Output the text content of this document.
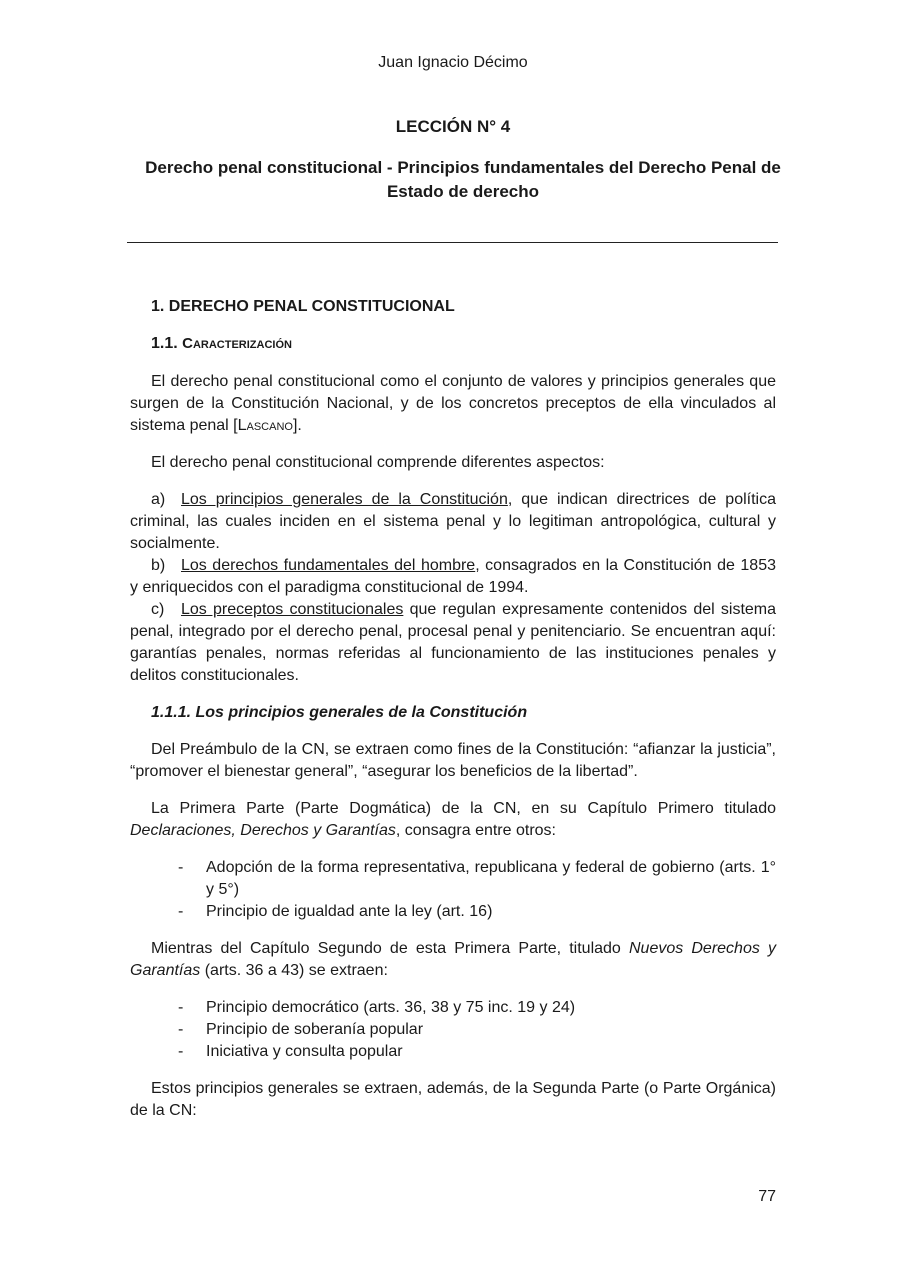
Juan Ignacio Décimo
LECCIÓN N° 4
Derecho penal constitucional - Principios fundamentales del Derecho Penal de Estado de derecho
1. DERECHO PENAL CONSTITUCIONAL
1.1. Caracterización

El derecho penal constitucional como el conjunto de valores y principios generales que surgen de la Constitución Nacional, y de los concretos preceptos de ella vinculados al sistema penal [Lascano].

El derecho penal constitucional comprende diferentes aspectos:

a) Los principios generales de la Constitución, que indican directrices de política criminal, las cuales inciden en el sistema penal y lo legitiman antropológica, cultural y socialmente.
b) Los derechos fundamentales del hombre, consagrados en la Constitución de 1853 y enriquecidos con el paradigma constitucional de 1994.
c) Los preceptos constitucionales que regulan expresamente contenidos del sistema penal, integrado por el derecho penal, procesal penal y penitenciario. Se encuentran aquí: garantías penales, normas referidas al funcionamiento de las instituciones penales y delitos constitucionales.
1.1.1. Los principios generales de la Constitución

Del Preámbulo de la CN, se extraen como fines de la Constitución: “afianzar la justicia”, “promover el bienestar general”, “asegurar los beneficios de la libertad”.

La Primera Parte (Parte Dogmática) de la CN, en su Capítulo Primero titulado Declaraciones, Derechos y Garantías, consagra entre otros:

- Adopción de la forma representativa, republicana y federal de gobierno (arts. 1° y 5°)
- Principio de igualdad ante la ley (art. 16)

Mientras del Capítulo Segundo de esta Primera Parte, titulado Nuevos Derechos y Garantías (arts. 36 a 43) se extraen:

- Principio democrático (arts. 36, 38 y 75 inc. 19 y 24)
- Principio de soberanía popular
- Iniciativa y consulta popular

Estos principios generales se extraen, además, de la Segunda Parte (o Parte Orgánica) de la CN:

77
